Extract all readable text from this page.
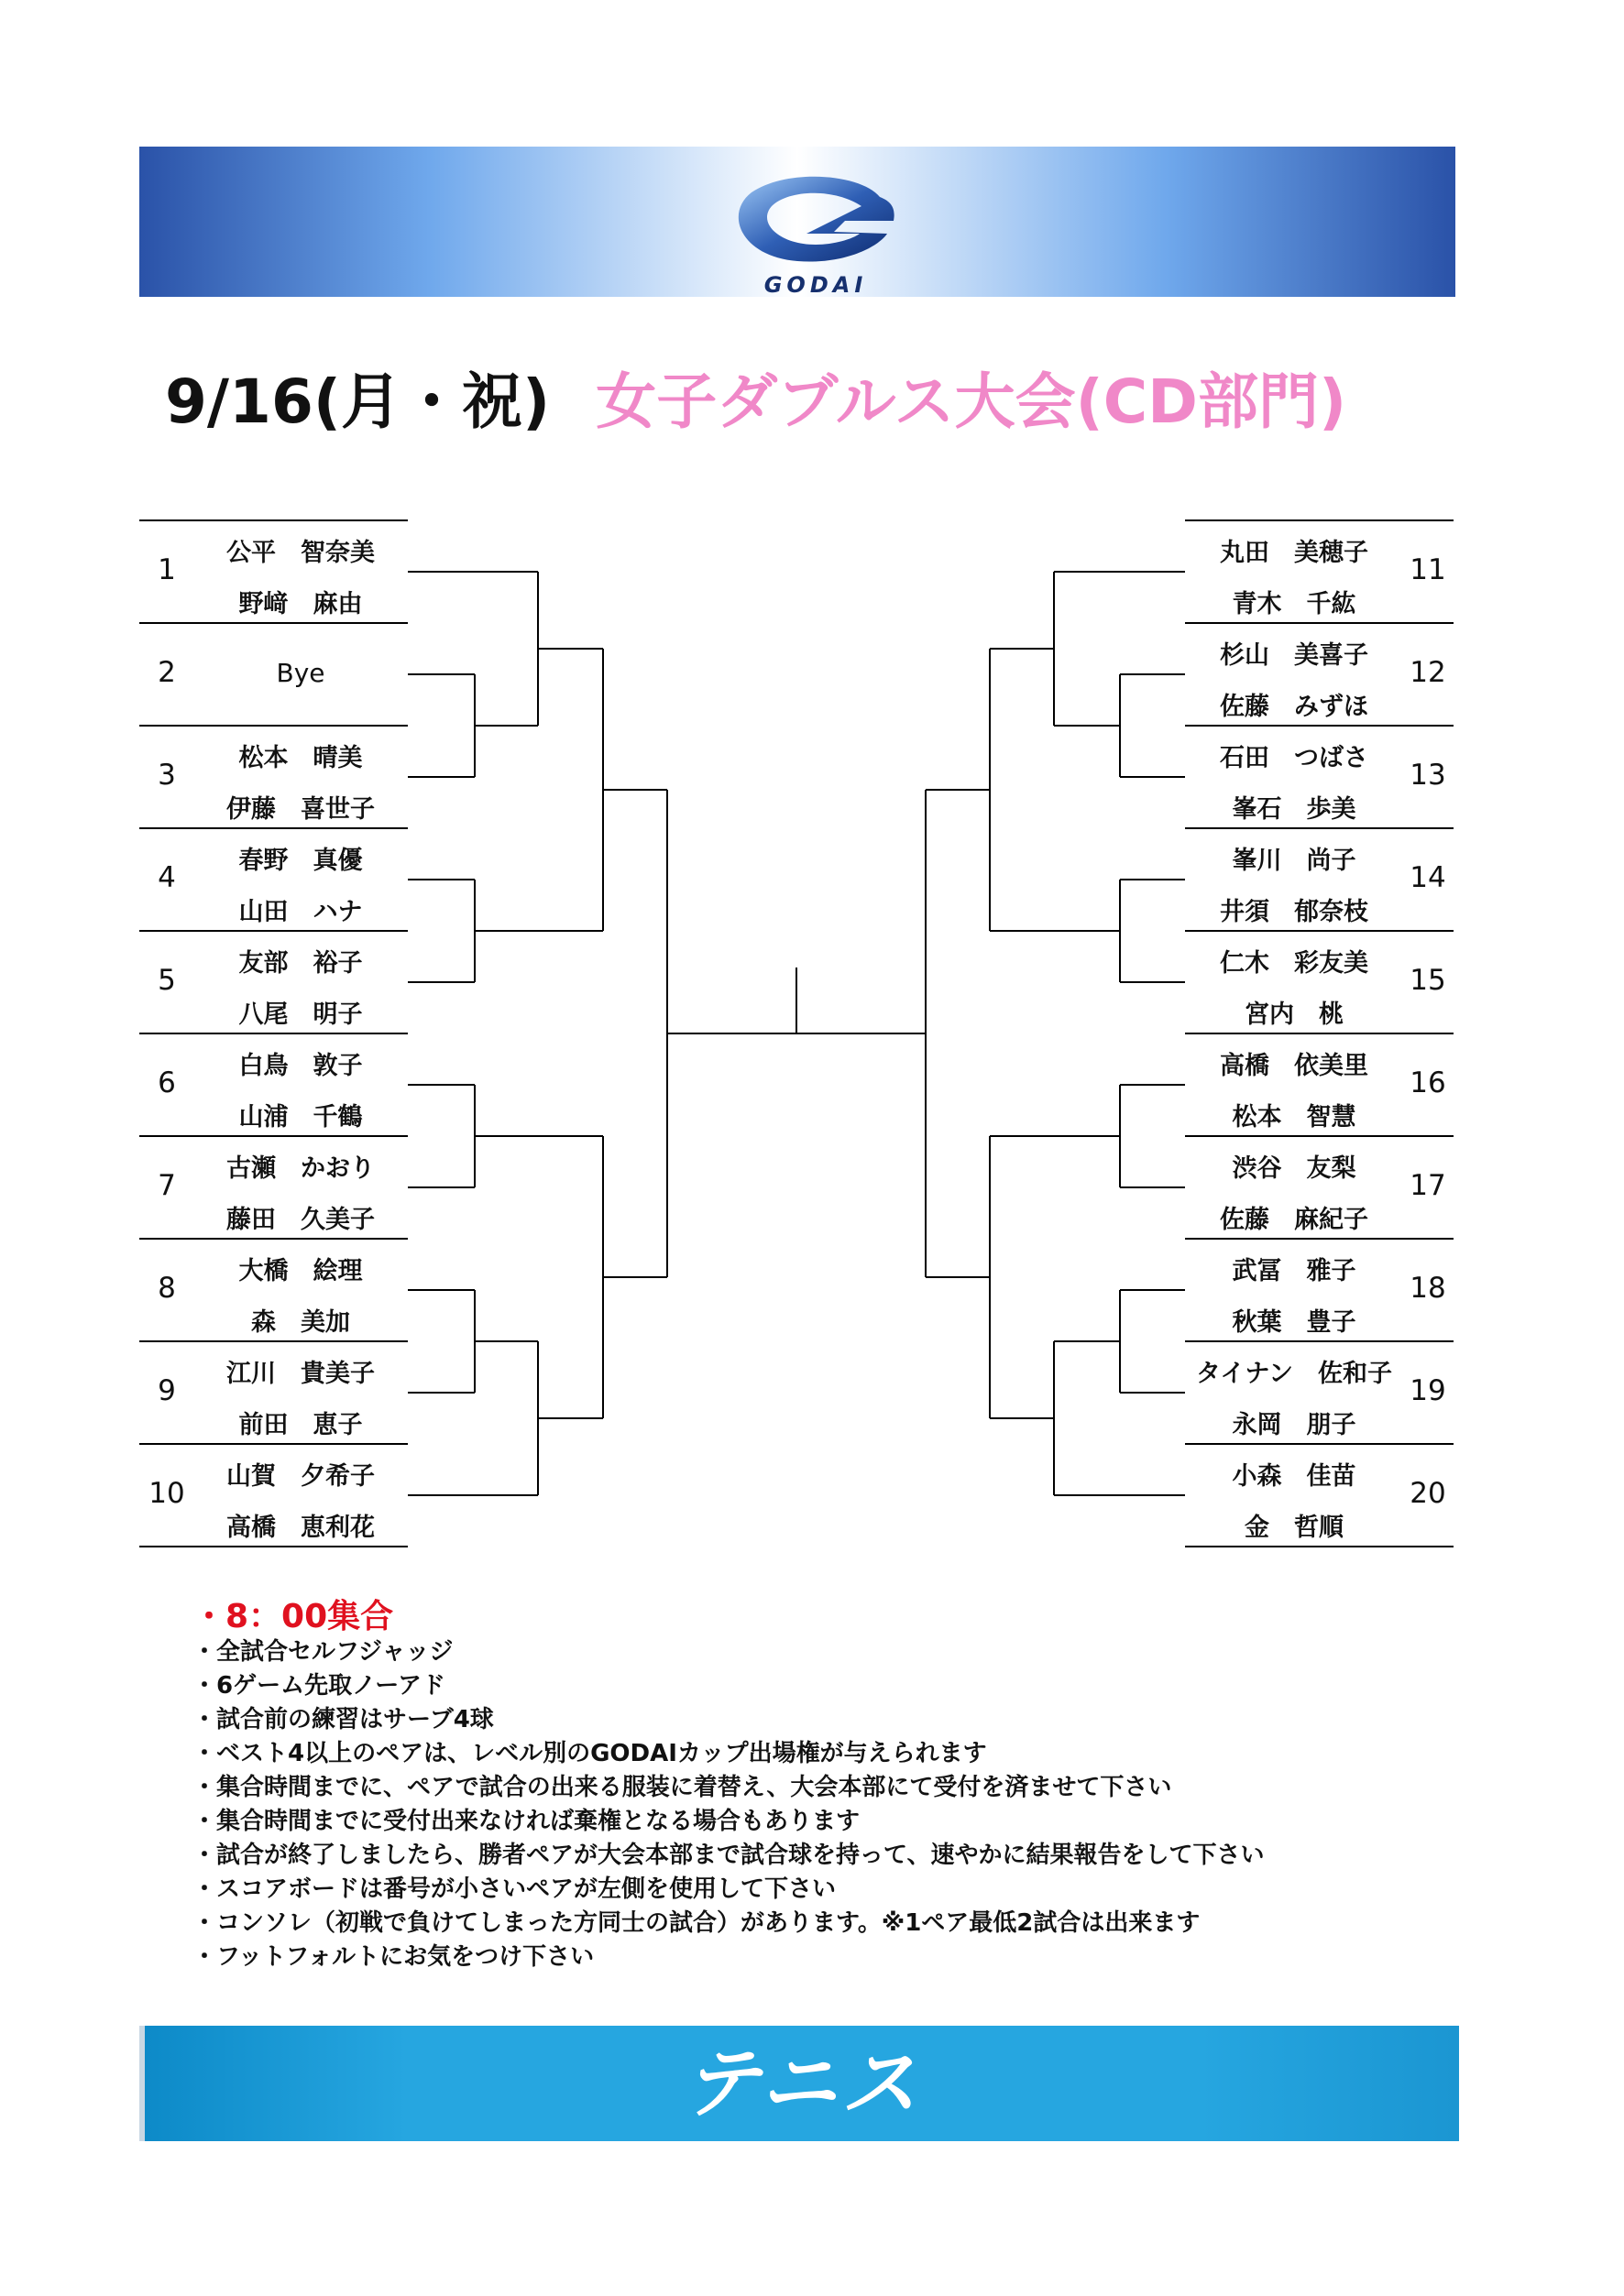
GODAI
9/16(月・祝) 女子ダブルス大会(CD部門)
1
公平　智奈美
野﨑　麻由
2	Bye
3
松本　晴美
伊藤　喜世子
4
春野　真優
山田　ハナ
5
友部　裕子
八尾　明子
6
白鳥　敦子
山浦　千鶴
7
古瀬　かおり
藤田　久美子
8
大橋　絵理
森　美加
9
江川　貴美子
前田　恵子
10
山賀　夕希子
高橋　恵利花
11
丸田　美穂子
青木　千紘
12
杉山　美喜子
佐藤　みずほ
13
石田　つばさ
峯石　歩美
14
峯川　尚子
井須　郁奈枝
15
仁木　彩友美
宮内　桃
16
高橋　依美里
松本　智慧
17
渋谷　友梨
佐藤　麻紀子
18
武冨　雅子
秋葉　豊子
19
タイナン　佐和子
永岡　朋子
20
小森　佳苗
金　哲順
・8：00集合
・全試合セルフジャッジ
・6ゲーム先取ノーアド
・試合前の練習はサーブ4球
・ベスト4以上のペアは、レベル別のGODAIカップ出場権が与えられます
・集合時間までに、ペアで試合の出来る服装に着替え、大会本部にて受付を済ませて下さい
・集合時間までに受付出来なければ棄権となる場合もあります
・試合が終了しましたら、勝者ペアが大会本部まで試合球を持って、速やかに結果報告をして下さい
・スコアボードは番号が小さいペアが左側を使用して下さい
・コンソレ（初戦で負けてしまった方同士の試合）があります。※1ペア最低2試合は出来ます
・フットフォルトにお気をつけ下さい
テニス
